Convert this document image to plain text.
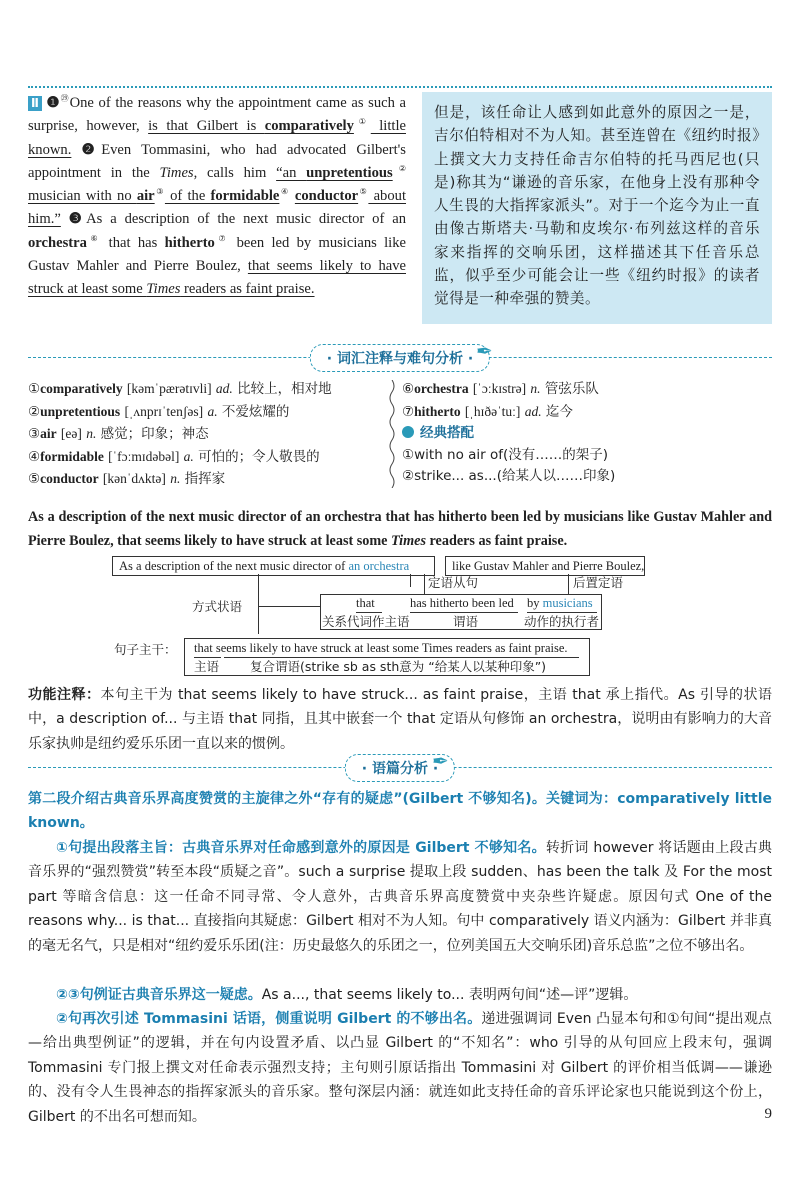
Ⅱ ❶$^㉙$One of the reasons why the appointment came as such a surprise, however, is that Gilbert is comparatively① little known. ❷Even Tommasini, who had advocated Gilbert's appointment in the Times, calls him “an unpretentious② musician with no air③ of the formidable④ conductor⑤ about him.” ❸As a description of the next music director of an orchestra⑥ that has hitherto⑦ been led by musicians like Gustav Mahler and Pierre Boulez, that seems likely to have struck at least some Times readers as faint praise.
但是，该任命让人感到如此意外的原因之一是，吉尔伯特相对不为人知。甚至连曾在《纽约时报》上撰文大力支持任命吉尔伯特的托马西尼也(只是)称其为“谦逊的音乐家，在他身上没有那种令人生畏的大指挥家派头”。对于一个迄今为止一直由像古斯塔夫·马勒和皮埃尔·布列兹这样的音乐家来指挥的交响乐团，这样描述其下任音乐总监，似乎至少可能会让一些《纽约时报》的读者觉得是一种牵强的赞美。
· 词汇注释与难句分析 · ✒
①comparatively [kəmˈpærətɪvli] ad. 比较上，相对地
②unpretentious [ˌʌnprɪˈtenʃəs] a. 不爱炫耀的
③air [eə] n. 感觉；印象；神态
④formidable [ˈfɔːmɪdəbəl] a. 可怕的；令人敬畏的
⑤conductor [kənˈdʌktə] n. 指挥家
⑥orchestra [ˈɔːkɪstrə] n. 管弦乐队
⑦hitherto [ˌhɪðəˈtuː] ad. 迄今
经典搭配
①with no air of(没有……的架子)
②strike... as...(给某人以……印象)
As a description of the next music director of an orchestra that has hitherto been led by musicians like Gustav Mahler and Pierre Boulez, that seems likely to have struck at least some Times readers as faint praise.
As a description of the next music director of an orchestra	like Gustav Mahler and Pierre Boulez,
定语从句	后置定语
方式状语	that	has hitherto been led by musicians
关系代词作主语	谓语	动作的执行者
句子主干： that seems likely to have struck at least some Times readers as faint praise.
主语 复合谓语(strike sb as sth意为 “给某人以某种印象”)
功能注释：本句主干为 that seems likely to have struck... as faint praise，主语 that 承上指代。As 引导的状语中，a description of... 与主语 that 同指，且其中嵌套一个 that 定语从句修饰 an orchestra，说明由有影响力的大音乐家执帅是纽约爱乐乐团一直以来的惯例。
· 语篇分析 ·
✒
第二段介绍古典音乐界高度赞赏的主旋律之外“存有的疑虑”(Gilbert 不够知名)。关键词为：comparatively little known。
①句提出段落主旨：古典音乐界对任命感到意外的原因是 Gilbert 不够知名。转折词 however 将话题由上段古典音乐界的“强烈赞赏”转至本段“质疑之音”。such a surprise 提取上段 sudden、has been the talk 及 For the most part 等暗含信息：这一任命不同寻常、令人意外，古典音乐界高度赞赏中夹杂些许疑虑。原因句式 One of the reasons why... is that... 直接指向其疑虑：Gilbert 相对不为人知。句中 comparatively 语义内涵为：Gilbert 并非真的毫无名气，只是相对“纽约爱乐乐团(注：历史最悠久的乐团之一，位列美国五大交响乐团)音乐总监”之位不够出名。
②③句例证古典音乐界这一疑虑。As a..., that seems likely to... 表明两句间“述—评”逻辑。
②句再次引述 Tommasini 话语，侧重说明 Gilbert 的不够出名。递进强调词 Even 凸显本句和①句间“提出观点—给出典型例证”的逻辑，并在句内设置矛盾、以凸显 Gilbert 的“不知名”：who 引导的从句回应上段末句，强调 Tommasini 专门报上撰文对任命表示强烈支持；主句则引原话指出 Tommasini 对 Gilbert 的评价相当低调——谦逊的、没有令人生畏神态的指挥家派头的音乐家。整句深层内涵：就连如此支持任命的音乐评论家也只能说到这个份上，Gilbert 的不出名可想而知。	9
